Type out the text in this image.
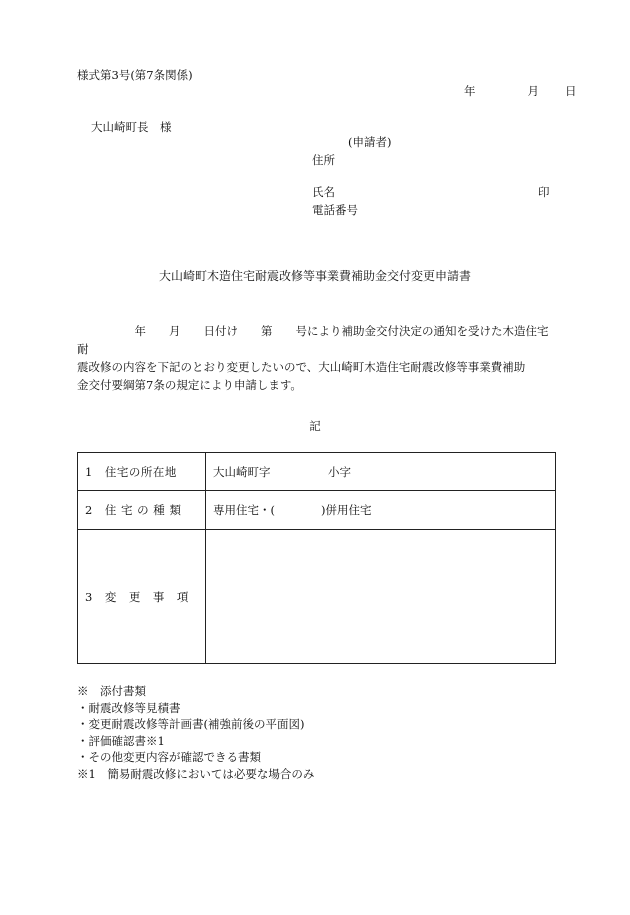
様式第3号(第7条関係)
年	月 日
大山崎町長　様
(申請者)
住所
氏名	印
電話番号
大山崎町木造住宅耐震改修等事業費補助金交付変更申請書

　　　　　年　　月　　日付け　　第　　号により補助金交付決定の通知を受けた木造住宅耐

震改修の内容を下記のとおり変更したいので、大山崎町木造住宅耐震改修等事業費補助

金交付要綱第7条の規定により申請します。

記
1　住宅の所在地	大山崎町字　　　　　小字
2　住 宅 の 種 類	専用住宅・(　　　　)併用住宅
3　変　更　事　項	
※　添付書類
・耐震改修等見積書
・変更耐震改修等計画書(補強前後の平面図)
・評価確認書※1
・その他変更内容が確認できる書類
※1　簡易耐震改修においては必要な場合のみ
